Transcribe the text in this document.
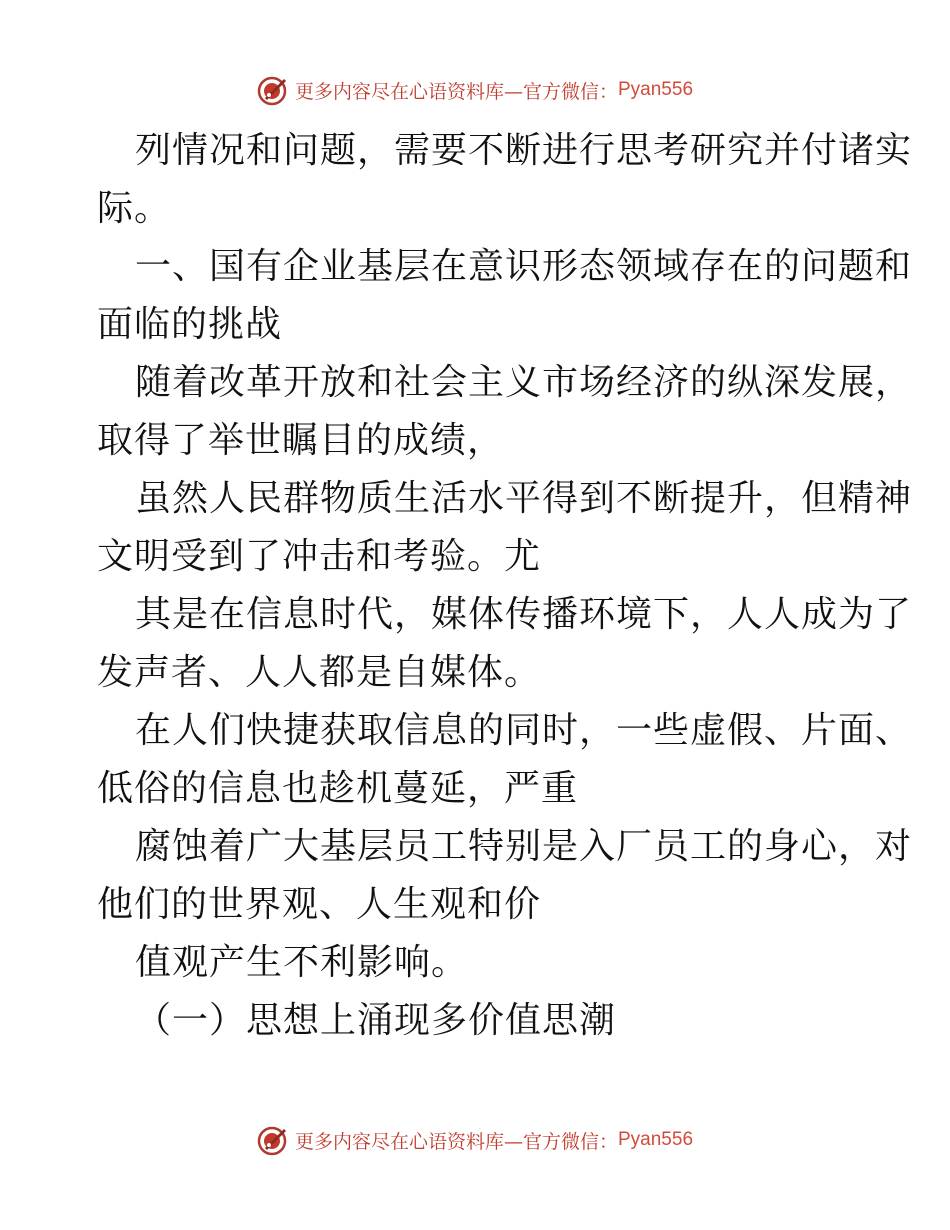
更多内容尽在心语资料库—官方微信： Pyan556
列情况和问题，需要不断进行思考研究并付诸实
际。
一、国有企业基层在意识形态领域存在的问题和
面临的挑战
随着改革开放和社会主义市场经济的纵深发展，
取得了举世瞩目的成绩，
虽然人民群物质生活水平得到不断提升，但精神
文明受到了冲击和考验。尤
其是在信息时代，媒体传播环境下，人人成为了
发声者、人人都是自媒体。
在人们快捷获取信息的同时，一些虚假、片面、
低俗的信息也趁机蔓延，严重
腐蚀着广大基层员工特别是入厂员工的身心，对
他们的世界观、人生观和价
值观产生不利影响。
（一）思想上涌现多价值思潮
更多内容尽在心语资料库—官方微信： Pyan556
